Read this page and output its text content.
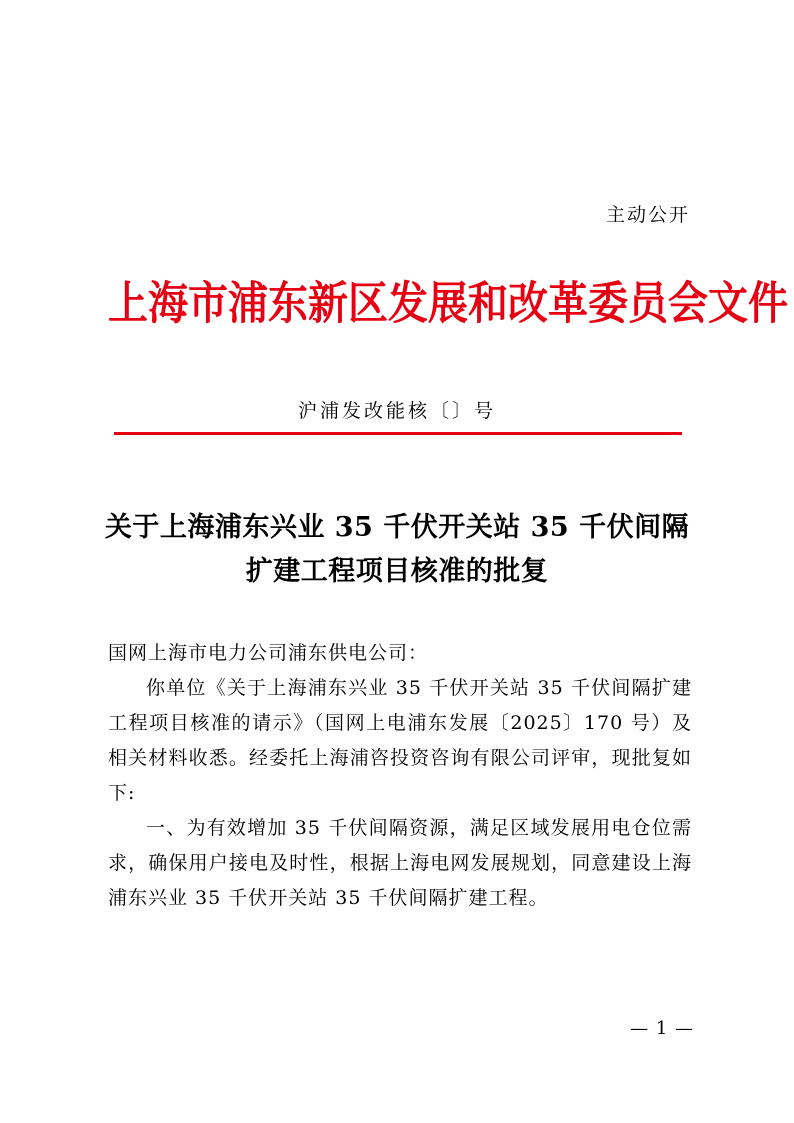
主动公开
上海市浦东新区发展和改革委员会文件
沪浦发改能核〔〕号
关于上海浦东兴业 35 千伏开关站 35 千伏间隔
扩建工程项目核准的批复

国网上海市电力公司浦东供电公司：

你单位《关于上海浦东兴业 35 千伏开关站 35 千伏间隔扩建工程项目核准的请示》（国网上电浦东发展〔2025〕170 号）及相关材料收悉。经委托上海浦咨投资咨询有限公司评审，现批复如下:

一、为有效增加 35 千伏间隔资源，满足区域发展用电仓位需求，确保用户接电及时性，根据上海电网发展规划，同意建设上海浦东兴业 35 千伏开关站 35 千伏间隔扩建工程。

— 1 —
